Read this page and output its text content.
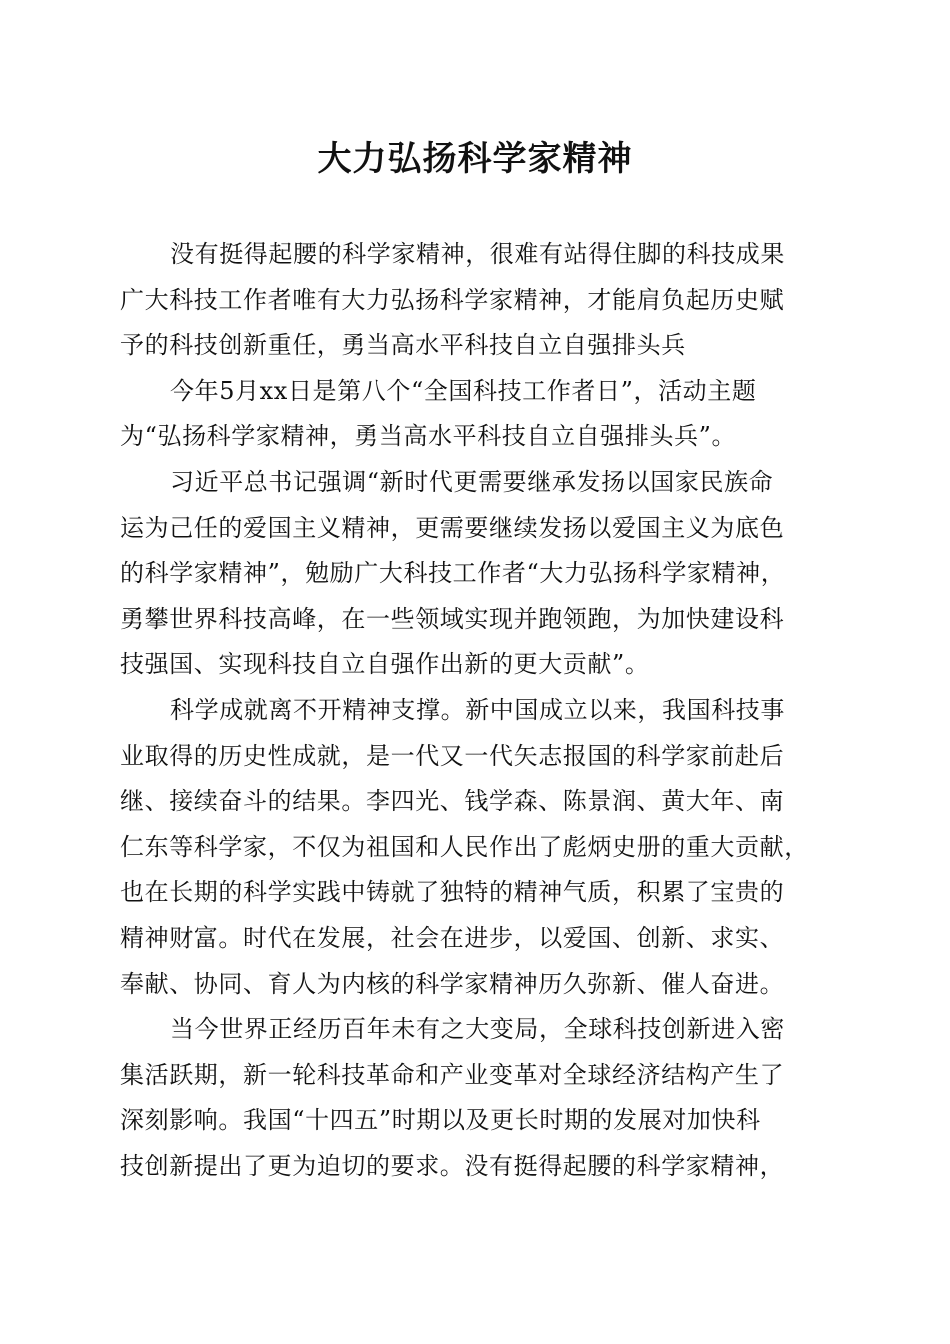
大力弘扬科学家精神
没有挺得起腰的科学家精神，很难有站得住脚的科技成果
广大科技工作者唯有大力弘扬科学家精神，才能肩负起历史赋
予的科技创新重任，勇当高水平科技自立自强排头兵
今年5月xx日是第八个“全国科技工作者日”，活动主题
为“弘扬科学家精神，勇当高水平科技自立自强排头兵”。
习近平总书记强调“新时代更需要继承发扬以国家民族命
运为己任的爱国主义精神，更需要继续发扬以爱国主义为底色
的科学家精神”，勉励广大科技工作者“大力弘扬科学家精神，
勇攀世界科技高峰，在一些领域实现并跑领跑，为加快建设科
技强国、实现科技自立自强作出新的更大贡献”。
科学成就离不开精神支撑。新中国成立以来，我国科技事
业取得的历史性成就，是一代又一代矢志报国的科学家前赴后
继、接续奋斗的结果。李四光、钱学森、陈景润、黄大年、南
仁东等科学家，不仅为祖国和人民作出了彪炳史册的重大贡献，
也在长期的科学实践中铸就了独特的精神气质，积累了宝贵的
精神财富。时代在发展，社会在进步，以爱国、创新、求实、
奉献、协同、育人为内核的科学家精神历久弥新、催人奋进。
当今世界正经历百年未有之大变局，全球科技创新进入密
集活跃期，新一轮科技革命和产业变革对全球经济结构产生了
深刻影响。我国“十四五”时期以及更长时期的发展对加快科
技创新提出了更为迫切的要求。没有挺得起腰的科学家精神，
